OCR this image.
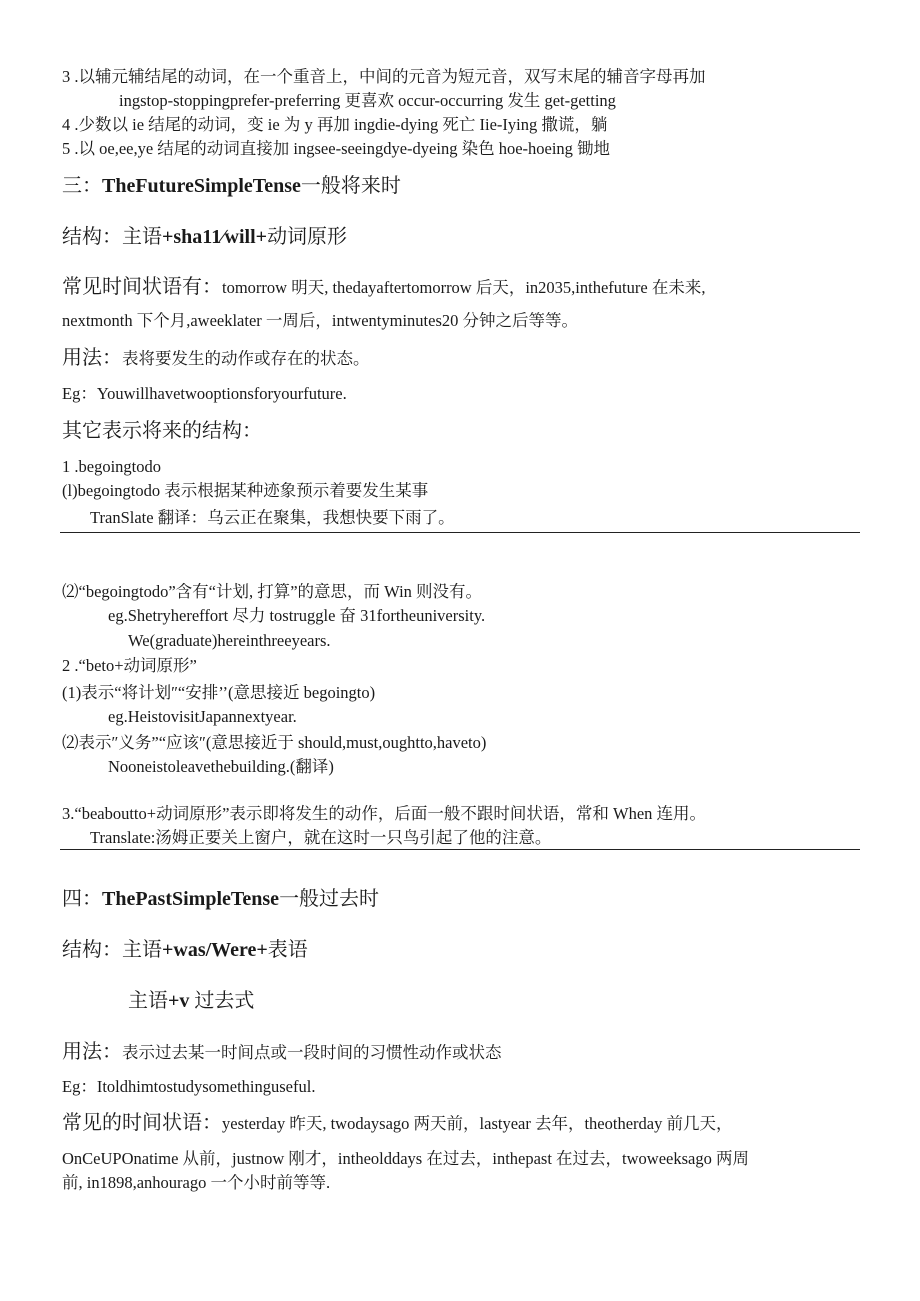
3 .以辅元辅结尾的动词，在一个重音上，中间的元音为短元音，双写末尾的辅音字母再加
ingstop-stoppingprefer-preferring 更喜欢 occur-occurring 发生 get-getting
4 .少数以 ie 结尾的动词，变 ie 为 y 再加 ingdie-dying 死亡 Iie-Iying 撒谎，躺
5 .以 oe,ee,ye 结尾的动词直接加 ingsee-seeingdye-dyeing 染色 hoe-hoeing 锄地
三：TheFutureSimpleTense一般将来时
结构：主语+sha11∕will+动词原形
常见时间状语有：tomorrow 明天, thedayaftertomorrow 后天，in2035,inthefuture 在未来,
nextmonth 下个月,aweeklater 一周后，intwentyminutes20 分钟之后等等。
用法：表将要发生的动作或存在的状态。
Eg：Youwillhavetwooptionsforyourfuture.
其它表示将来的结构：
1 .begoingtodo
(l)begoingtodo 表示根据某种迹象预示着要发生某事
TranSlate 翻译：乌云正在聚集，我想快要下雨了。
⑵“begoingtodo”含有“计划, 打算”的意思，而 Win 则没有。
eg.Shetryhereffort 尽力 tostruggle 奋 31fortheuniversity.
We(graduate)hereinthreeyears.
2 .“beto+动词原形”
(1)表示“将计划″“安排’’(意思接近 begoingto)
eg.HeistovisitJapannextyear.
⑵表示″义务”“应该″(意思接近于 should,must,oughtto,haveto)
Nooneistoleavethebuilding.(翻译)
3.“beaboutto+动词原形”表示即将发生的动作，后面一般不跟时间状语，常和 When 连用。
Translate:汤姆正要关上窗户，就在这时一只鸟引起了他的注意。
四：ThePastSimpleTense一般过去时
结构：主语+was/Were+表语
主语+v 过去式
用法：表示过去某一时间点或一段时间的习惯性动作或状态
Eg：Itoldhimtostudysomethinguseful.
常见的时间状语：yesterday 昨天, twodaysago 两天前，lastyear 去年，theotherday 前几天，
OnCeUPOnatime 从前，justnow 刚才，intheolddays 在过去，inthepast 在过去，twoweeksago 两周
前, in1898,anhourago 一个小时前等等.
